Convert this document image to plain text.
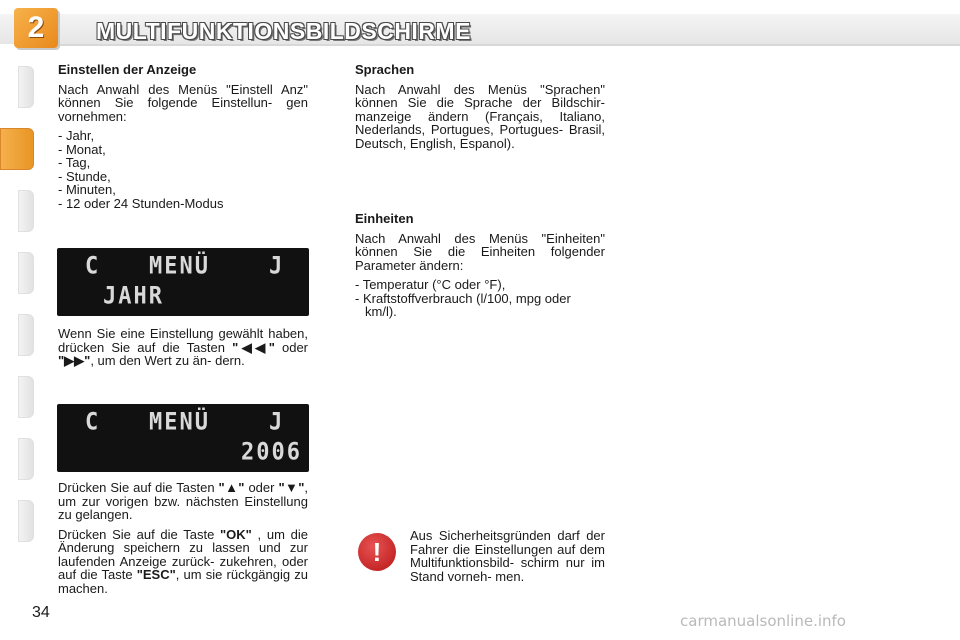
2	MULTIFUNKTIONSBILDSCHIRME
Einstellen der Anzeige

Nach Anwahl des Menüs "Einstell Anz" können Sie folgende Einstellun- gen vornehmen:

- Jahr,
- Monat,
- Tag,
- Stunde,
- Minuten,
- 12 oder 24 Stunden-Modus
C MENÜ	J
JAHR

Wenn Sie eine Einstellung gewählt haben, drücken Sie auf die Tasten "◀◀" oder "▶▶", um den Wert zu än- dern.

C MENÜ	J
2006

Drücken Sie auf die Tasten "▲" oder "▼", um zur vorigen bzw. nächsten Einstellung zu gelangen.

Drücken Sie auf die Taste "OK" , um die Änderung speichern zu lassen und zur laufenden Anzeige zurück- zukehren, oder auf die Taste "ESC", um sie rückgängig zu machen.

Sprachen

Nach Anwahl des Menüs "Sprachen" können Sie die Sprache der Bildschir- manzeige ändern (Français, Italiano, Nederlands, Portugues, Portugues- Brasil, Deutsch, English, Espanol).

Einheiten

Nach Anwahl des Menüs "Einheiten" können Sie die Einheiten folgender Parameter ändern:

- Temperatur (°C oder °F),
- Kraftstoffverbrauch (l/100, mpg oder km/l).
!

Aus Sicherheitsgründen darf der Fahrer die Einstellungen auf dem Multifunktionsbild- schirm nur im Stand vorneh- men.

34	carmanualsonline.info
